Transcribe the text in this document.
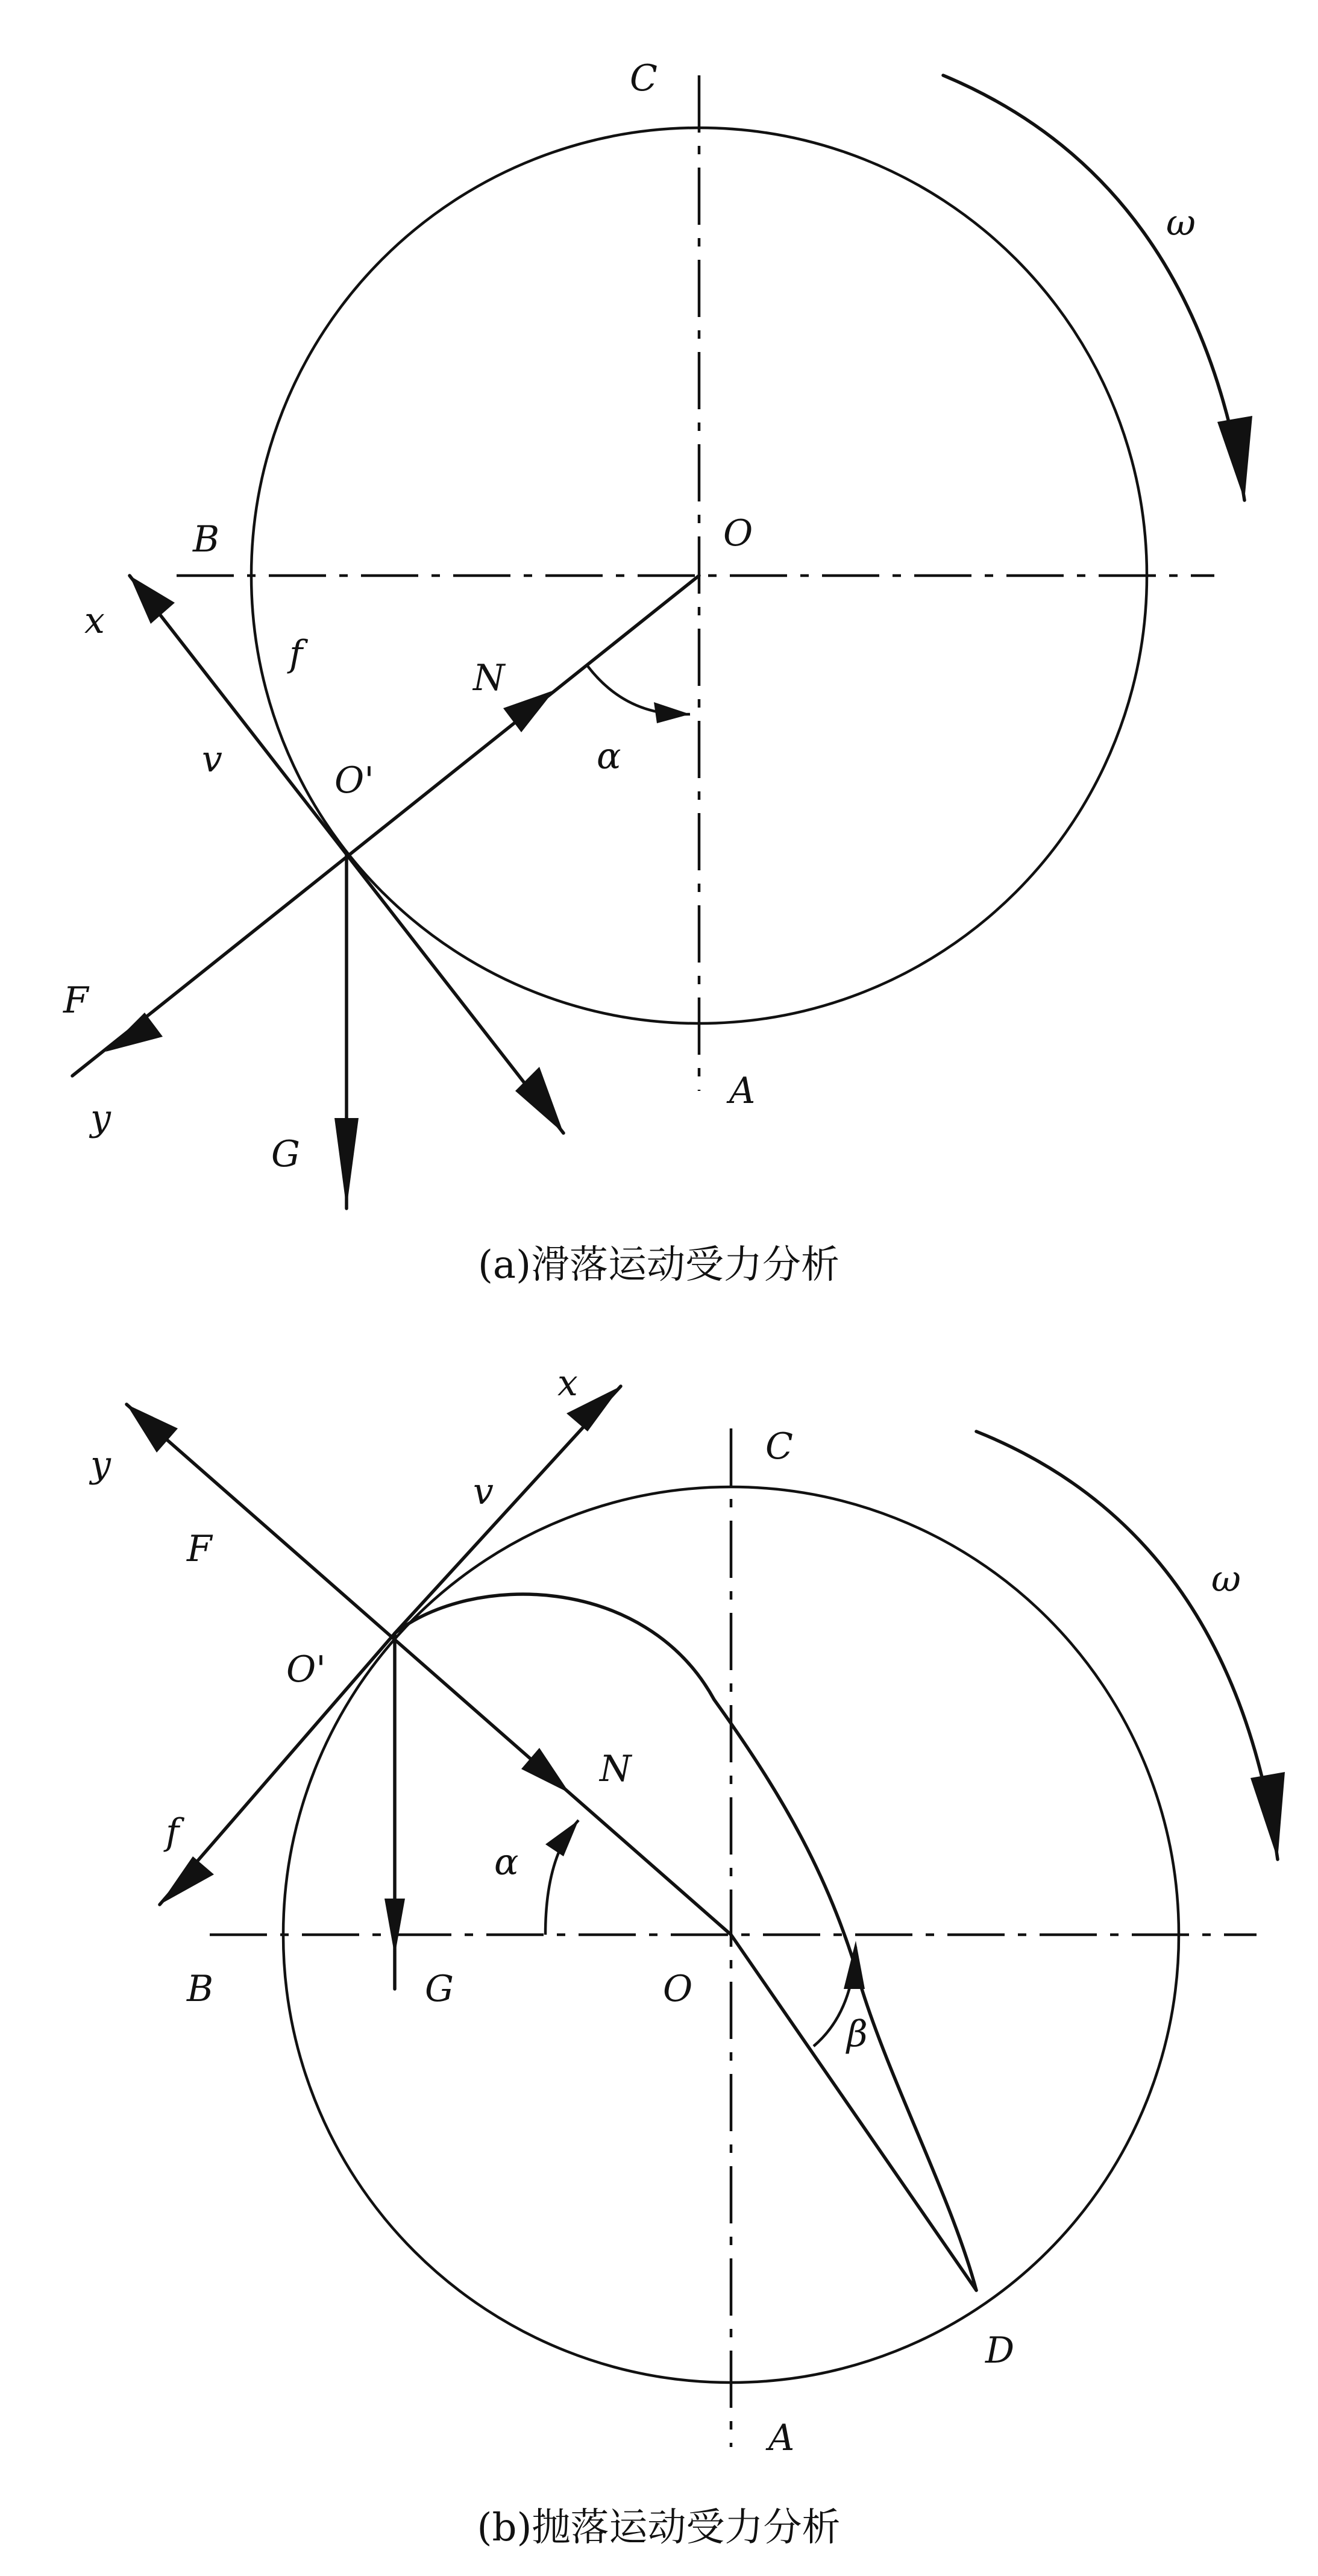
C
ω
B	O
x
f
N
v	α
O'
F
y
G
A
(a)滑落运动受力分析
x
C
y
v
ω
F
O'
N
f
α
B	G	O
β
D
A
(b)抛落运动受力分析
